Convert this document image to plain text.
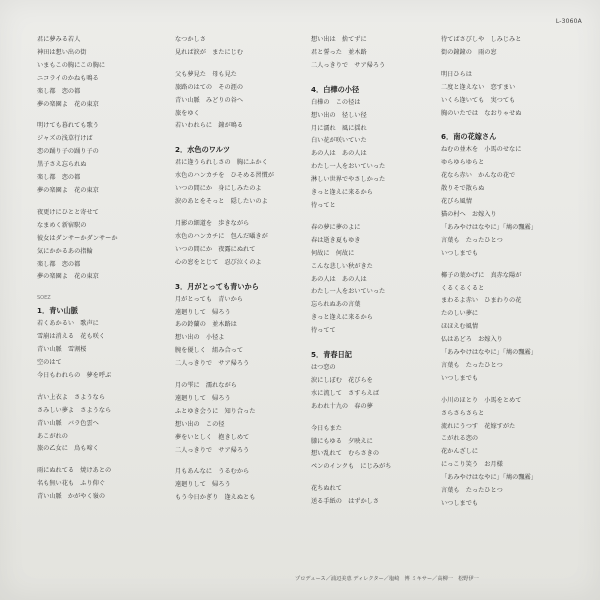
L-3060A
君に夢みる若人
神田は想い出の街
いまもこの胸にこの胸に
ニコライのかねも鳴る
楽し都　恋の都
夢の楽園よ　花の東京
明けても暮れても歌う
ジャズの浅草行けば
恋の踊り子の踊り子の
黒子さえ忘られぬ
楽し都　恋の都
夢の楽園よ　花の東京
夜更けにひとと寄せて
なまめく新宿駅の
彼女はダンサーかダンサーか
気にかかるあの指輪
楽し都　恋の都
夢の楽園よ　花の東京
SOEZ
1．青い山脈
若くあかるい　歌声に
雪崩は消える　花も咲く
青い山脈　雪割桜
空のはて
今日もわれらの　夢を呼ぶ
古い上衣よ　さようなら
さみしい夢よ　さようなら
青い山脈　バラ色雲へ
あこがれの
旅の乙女に　鳥も啼く
雨にぬれてる　焼けあとの
名も無い花も　ふり仰ぐ
青い山脈　かがやく嶺の
なつかしさ
見れば涙が　またにじむ
父も夢見た　母も見た
旅路のはての　その涯の
青い山脈　みどりの谷へ
旅をゆく
若いわれらに　鐘が鳴る
2．水色のワルツ
君に逢うられしさの　胸にふかく
水色のハンカチを　ひそめる習慣が
いつの間にか　身にしみたのよ
涙のあとをそっと　隠したいのよ
月影の細道を　歩きながら
水色のハンカチに　包んだ囁きが
いつの間にか　夜露にぬれて
心の窓をとじて　忍び泣くのよ
3．月がとっても青いから
月がとっても　青いから
遠廻りして　帰ろう
あの鈴蘭の　並木路は
想い出の　小径よ
腕を優しく　組み合って
二人っきりで　サア帰ろう
月の雫に　濡れながら
遠廻りして　帰ろう
ふとゆき会うに　知り合った
想い出の　この径
夢をいとしく　抱きしめて
二人っきりで　サア帰ろう
月もあんなに　うるむから
遠廻りして　帰ろう
もう今日かぎり　逢えぬとも
想い出は　捨てずに
君と誓った　並木路
二人っきりで　サア帰ろう
4．白樺の小径
白樺の　この径は
想い出の　径しい径
月に濡れ　風に揺れ
白い花が咲いていた
あの人は　あの人は
わたし一人をおいていった
淋しい世界でやさしかった
きっと逢えに来るから
待ってと
春の夢に夢のよに
春は逝き夏もゆき
何故に　何故に
こんな悲しい秋がきた
あの人は　あの人は
わたし一人をおいていった
忘られぬあの言葉
きっと逢えに来るから
待ってて
5．青春日記
はつ恋の
涙にしぼむ　花びらを
水に流して　さすらえば
あわれ十九の　春の夢
今日もまた
膝にもゆる　夕映えに
想い乱れて　むらさきの
ペンのインクも　にじみがち
花ちぬれて
送る手紙の　はずかしさ
待てばさびしや　しみじみと
街の鐘鐘の　雨の窓
明日ひらは
二度と逢えない　恋すまい
いくら逢いても　実つても
胸のいたでは　なおりゃせぬ
6．南の花嫁さん
ねむの並木を　小馬のせなに
ゆらゆらゆらと
花なら赤い　かんなの花で
散りそで散らぬ
花びら風情
猫の村へ　お嫁入り
「あみやけはなやに」「鳩の飄霧」
言葉も　たったひとつ
いつしまでも
椰子の葉かげに　真赤な陽が
くるくるくると
まわるよ赤い　ひまわりの花
たのしい夢に
ほほえむ風情
仏はあどろ　お嫁入り
「あみやけはなやに」「鳩の飄霧」
言葉も　たったひとつ
いつしまでも
小川のほとり　小馬をとめて
さらさらさらと
流れにうつす　花嫁すがた
こがれる恋の
花かんざしに
にっこり笑う　お月様
「あみやけはなやに」「鳩の飄霧」
言葉も　たったひとつ
いつしまでも
プロデュース／浦辺美恵 ディレクター／塩崎　博 ミキサー／高柳一　松野伊一
